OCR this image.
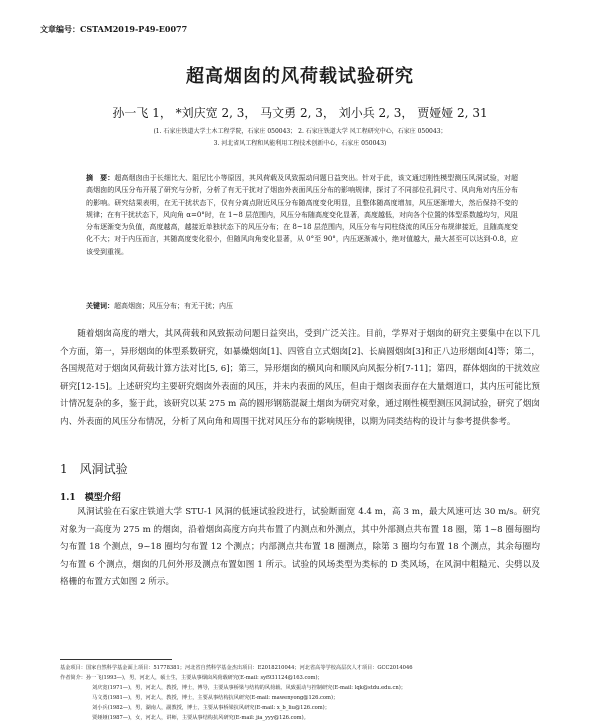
文章编号：CSTAM2019-P49-E0077
超高烟囱的风荷载试验研究
孙一飞 1， *刘庆宽 2, 3， 马文勇 2, 3， 刘小兵 2, 3， 贾娅娅 2, 31
(1. 石家庄铁道大学土木工程学院，石家庄 050043； 2. 石家庄铁道大学 风工程研究中心，石家庄 050043；
3. 河北省风工程和风能利用工程技术创新中心，石家庄 050043)
摘　要：超高烟囱由于长细比大、阻尼比小等原因，其风荷载及风致振动问题日益突出。针对于此，该文通过刚性模型测压风洞试验，对超高烟囱的风压分布开展了研究与分析，分析了有无干扰对了烟囱外表面风压分布的影响规律，探讨了不同部位孔洞尺寸、风向角对内压分布的影响。研究结果表明，在无干扰状态下，仅有分离点附近风压分布随高度变化明显，且整体随高度增加，风压逐渐增大，然后保持不变的规律；在有干扰状态下，风向角 α=0°时，在 1~8 层范围内，风压分布随高度变化显著，高度越低，对向各个位置的体型系数越均匀，风阻分布逐渐变为负值，高度越高，越接近单独状态下的风压分布；在 8~18 层范围内，风压分布与同柱绕流的风压分布规律接近，且随高度变化不大；对于内压而言，其随高度变化很小，但随风向角变化显著，从 0°至 90°，内压逐渐减小，绝对值越大，最大甚至可以达到-0.8，应该受到重视。
关键词：超高烟囱；风压分布；有无干扰；内压
随着烟囱高度的增大，其风荷载和风致振动问题日益突出，受到广泛关注。目前，学界对于烟囱的研究主要集中在以下几个方面，第一，异形烟囱的体型系数研究，如暴燥烟囱[1]、四管自立式烟囱[2]、长扁圆烟囱[3]和正八边形烟囱[4]等；第二，各国规范对于烟囱风荷载计算方法对比[5, 6]；第三，异形烟囱的横风向和顺风向风振分析[7-11]；第四，群体烟囱的干扰效应研究[12-15]。上述研究均主要研究烟囱外表面的风压，并未内表面的风压，但由于烟囱表面存在大量烟道口，其内压可能比预计情况复杂的多，鉴于此，该研究以某 275 m 高的圆形钢筋混凝土烟囱为研究对象，通过刚性模型测压风洞试验，研究了烟囱内、外表面的风压分布情况，分析了风向角和周围干扰对风压分布的影响规律，以期为同类结构的设计与参考提供参考。
1 风洞试验
1.1　 模型介绍
风洞试验在石家庄铁道大学 STU-1 风洞的低速试验段进行，试验断面宽 4.4 m，高 3 m，最大风速可达 30 m/s。研究对象为一高度为 275 m 的烟囱，沿着烟囱高度方向共布置了内测点和外测点，其中外部测点共布置 18 圈，第 1~8 圈每圈均匀布置 18 个测点，9~18 圈均匀布置 12 个测点；内部测点共布置 18 圈测点，除第 3 圈均匀布置 18 个测点，其余每圈均匀布置 6 个测点，烟囱的几何外形及测点布置如图 1 所示。试验的风场类型为类标的 D 类风场，在风洞中粗糙元、尖劈以及格栅的布置方式如图 2 所示。
基金项目：国家自然科学基金面上项目：51778381；河北省自然科学基金杰出项目：E2018210044；河北省高等学校高层次人才项目：GCC2014046
作者简介：孙一飞(1993—)，男，河北人，硕士生，主要从事烟囱风荷载研究(E-mail: syf931124@163.com)；
刘庆宽(1971—)，男，河北人，教授，博士，博导，主要从事桥梁与结构的风荷载、风致振动与控制研究(E-mail: lqk@stdu.edu.cn)；
马文勇(1981—)，男，河北人，教授，博士，主要从事结构抗风研究(E-mail: mawenyong@126.com)；
刘小兵(1982—)，男，湖南人，副教授，博士，主要从事桥梁抗风研究(E-mail: x_b_liu@126.com)；
贾娅娅(1987—)，女，河北人，讲师，主要从事结构抗风研究(E-mail: jia_yyy@126.com)。
